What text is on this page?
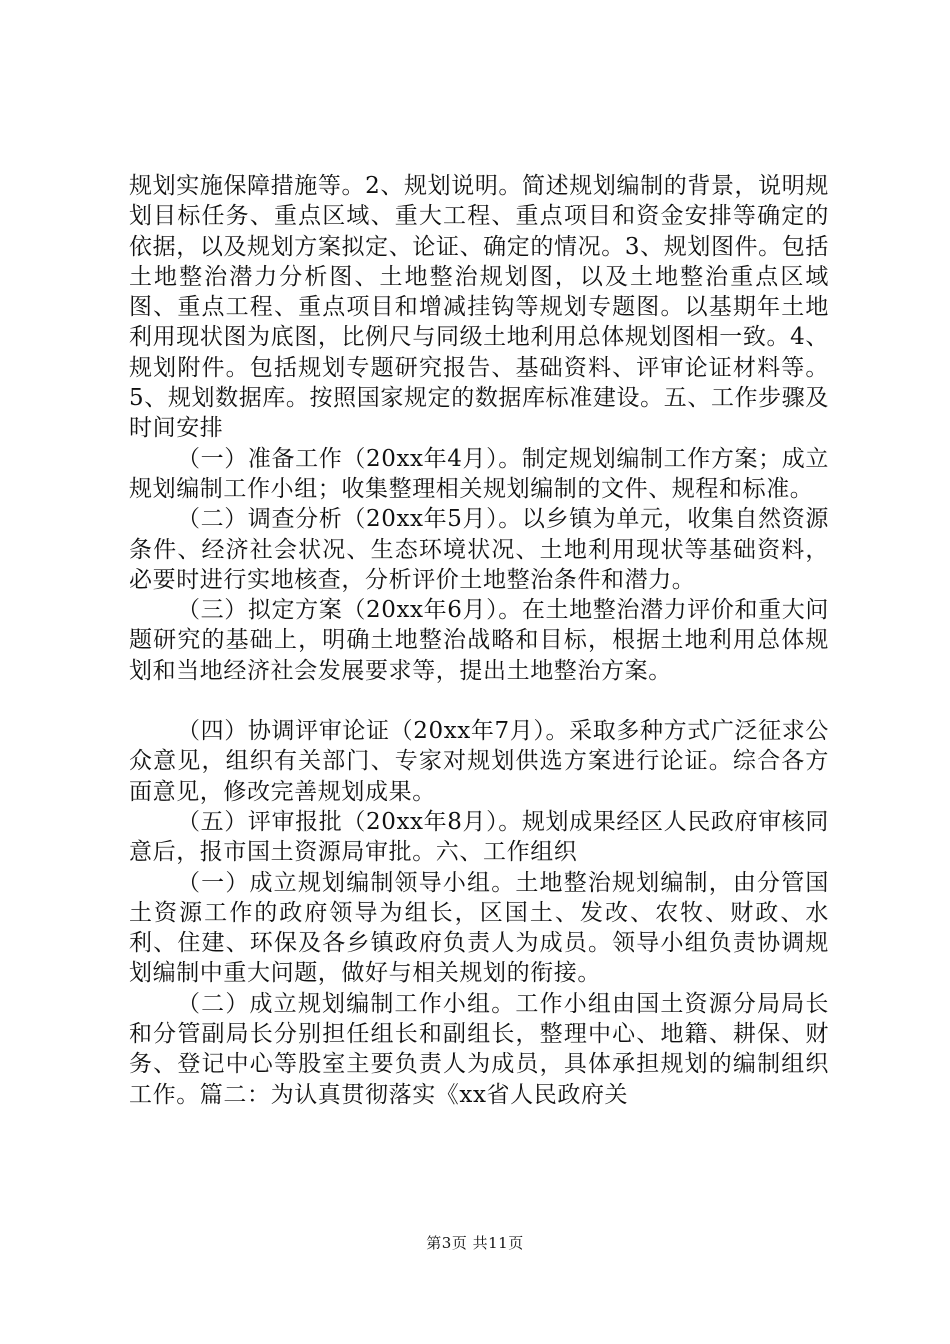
规划实施保障措施等。2、规划说明。简述规划编制的背景，说明规划目标任务、重点区域、重大工程、重点项目和资金安排等确定的依据，以及规划方案拟定、论证、确定的情况。3、规划图件。包括土地整治潜力分析图、土地整治规划图，以及土地整治重点区域图、重点工程、重点项目和增减挂钩等规划专题图。以基期年土地利用现状图为底图，比例尺与同级土地利用总体规划图相一致。4、规划附件。包括规划专题研究报告、基础资料、评审论证材料等。5、规划数据库。按照国家规定的数据库标准建设。五、工作步骤及时间安排

（一）准备工作（20xx年4月）。制定规划编制工作方案；成立规划编制工作小组；收集整理相关规划编制的文件、规程和标准。

（二）调查分析（20xx年5月）。以乡镇为单元，收集自然资源条件、经济社会状况、生态环境状况、土地利用现状等基础资料，必要时进行实地核查，分析评价土地整治条件和潜力。

（三）拟定方案（20xx年6月）。在土地整治潜力评价和重大问题研究的基础上，明确土地整治战略和目标，根据土地利用总体规划和当地经济社会发展要求等，提出土地整治方案。

（四）协调评审论证（20xx年7月）。采取多种方式广泛征求公众意见，组织有关部门、专家对规划供选方案进行论证。综合各方面意见，修改完善规划成果。

（五）评审报批（20xx年8月）。规划成果经区人民政府审核同意后，报市国土资源局审批。六、工作组织

（一）成立规划编制领导小组。土地整治规划编制，由分管国土资源工作的政府领导为组长，区国土、发改、农牧、财政、水利、住建、环保及各乡镇政府负责人为成员。领导小组负责协调规划编制中重大问题，做好与相关规划的衔接。

（二）成立规划编制工作小组。工作小组由国土资源分局局长和分管副局长分别担任组长和副组长，整理中心、地籍、耕保、财务、登记中心等股室主要负责人为成员，具体承担规划的编制组织工作。篇二：为认真贯彻落实《xx省人民政府关

第3页 共11页
